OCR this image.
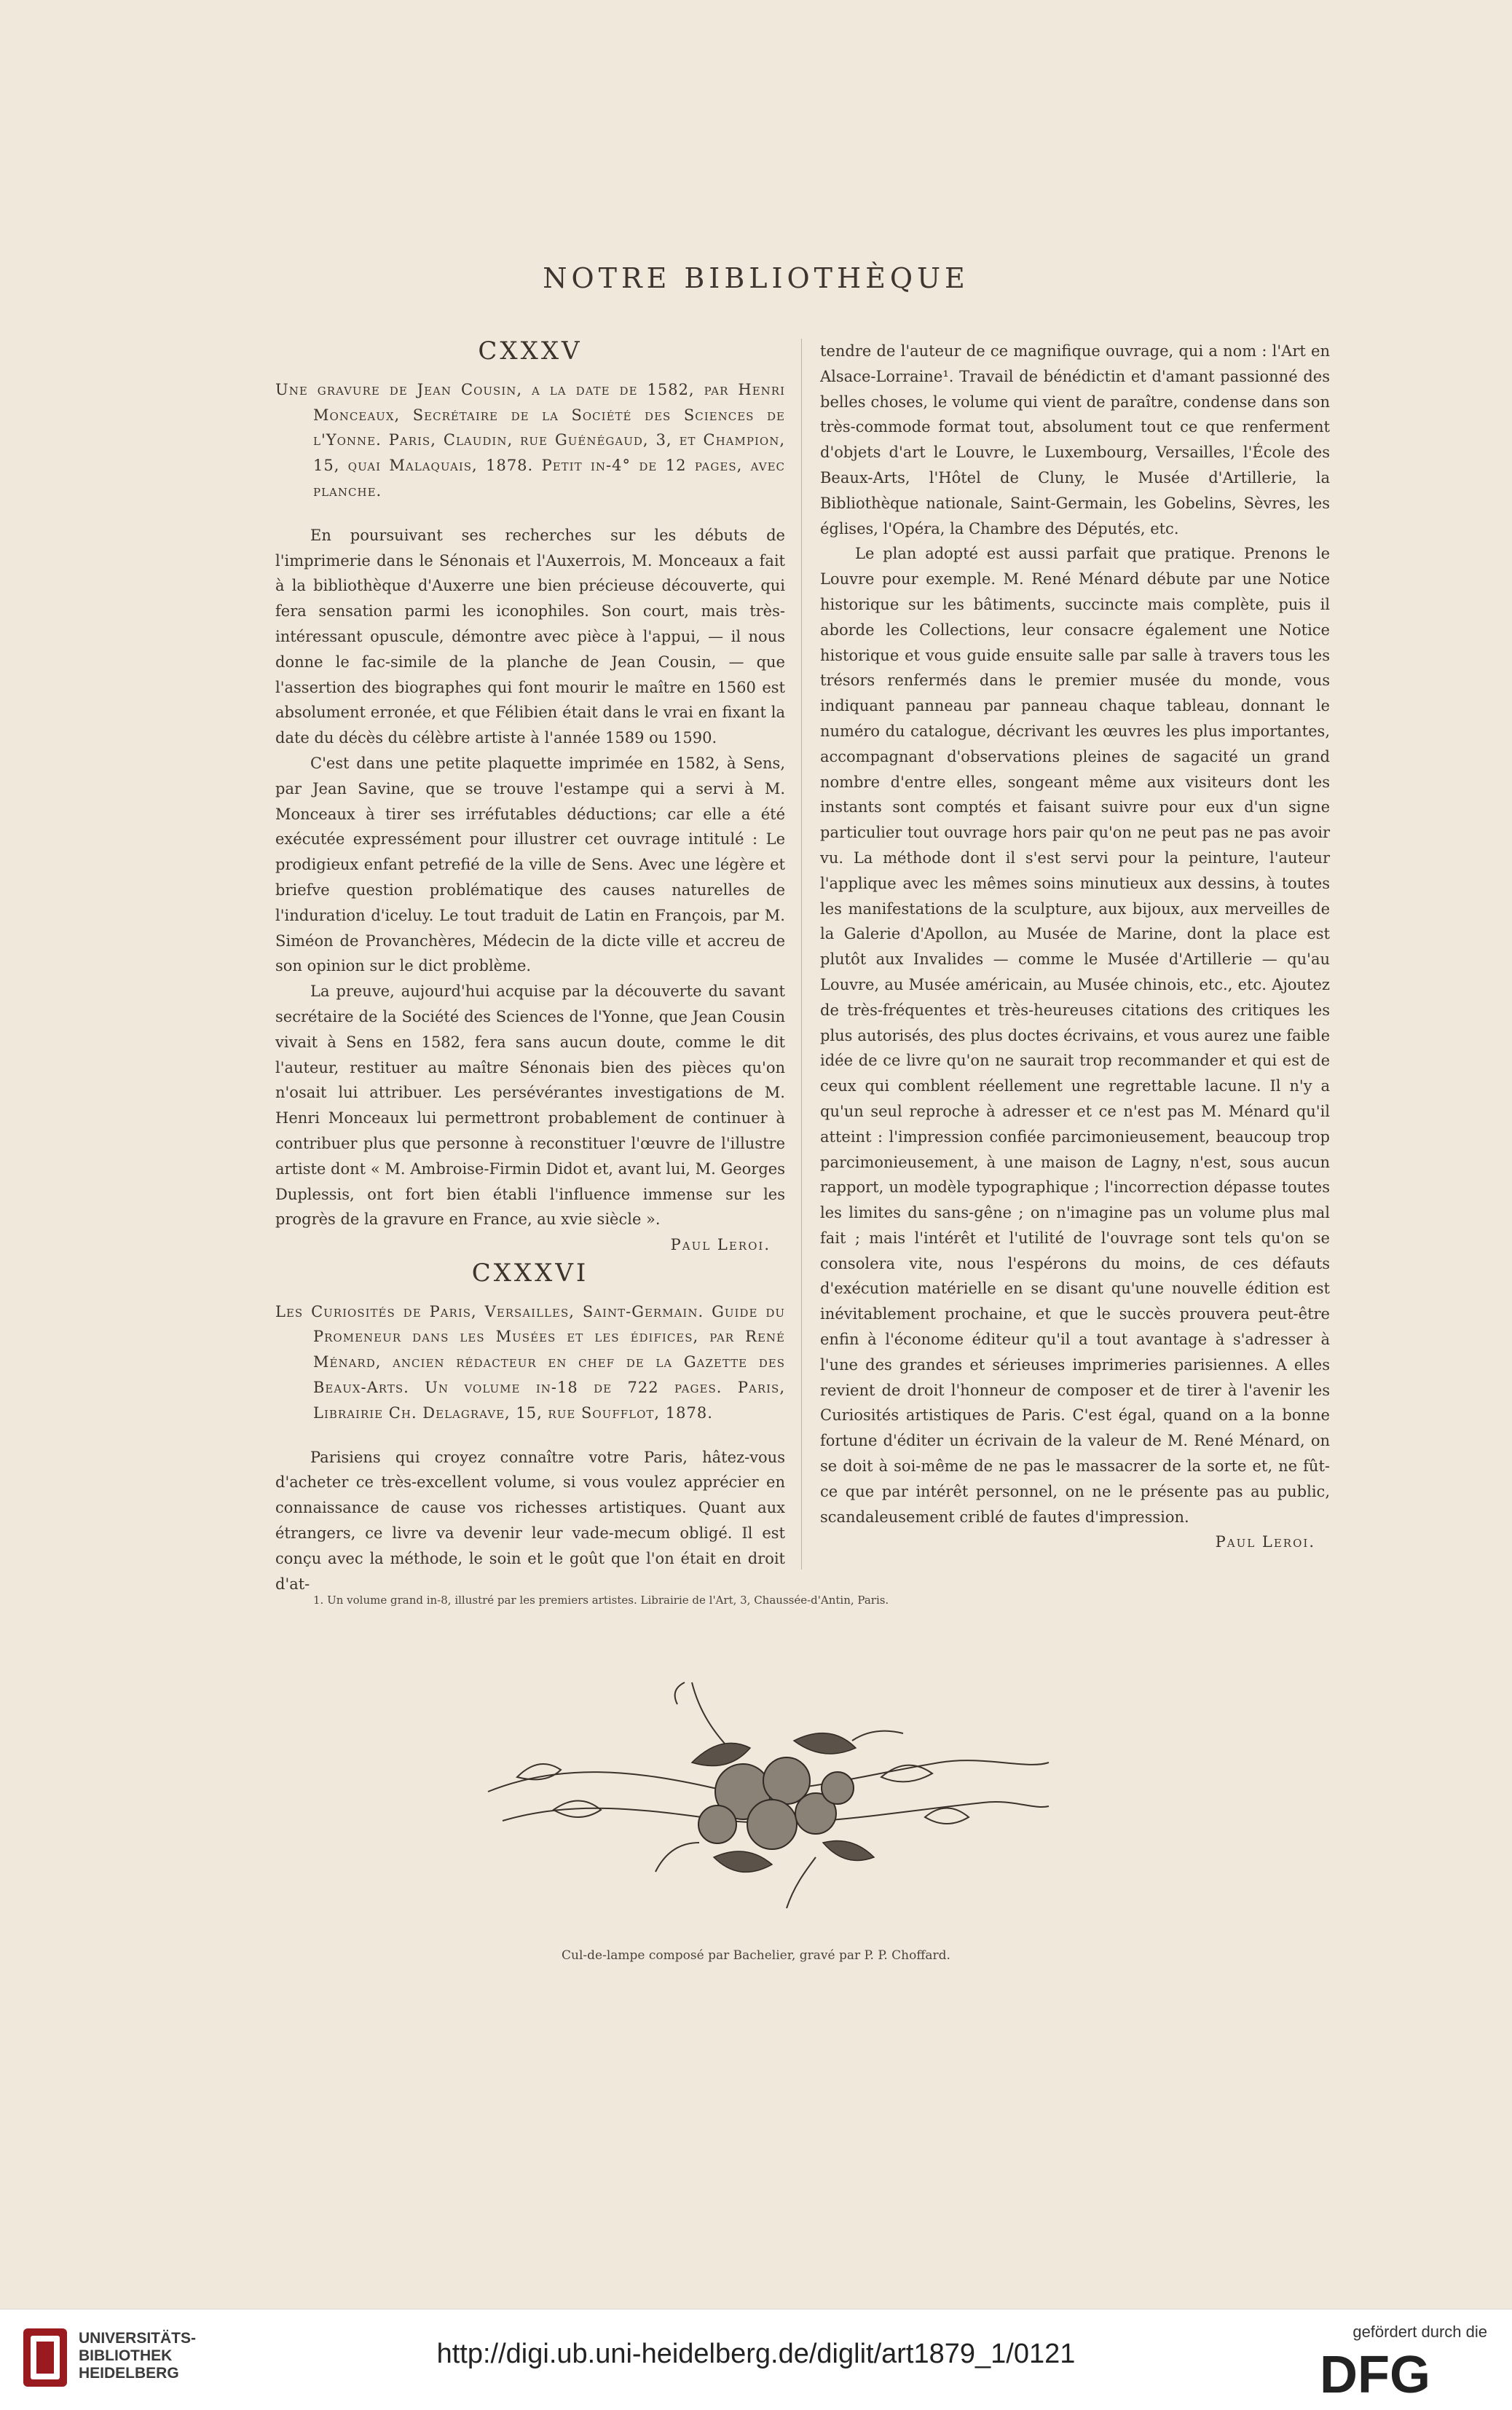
NOTRE BIBLIOTHÈQUE
CXXXV

Une gravure de Jean Cousin, a la date de 1582, par Henri Monceaux, Secrétaire de la Société des Sciences de l'Yonne. Paris, Claudin, rue Guénégaud, 3, et Champion, 15, quai Malaquais, 1878. Petit in-4° de 12 pages, avec planche.

En poursuivant ses recherches sur les débuts de l'imprimerie dans le Sénonais et l'Auxerrois, M. Monceaux a fait à la bibliothèque d'Auxerre une bien précieuse découverte, qui fera sensation parmi les iconophiles. Son court, mais très-intéressant opuscule, démontre avec pièce à l'appui, — il nous donne le fac-simile de la planche de Jean Cousin, — que l'assertion des biographes qui font mourir le maître en 1560 est absolument erronée, et que Félibien était dans le vrai en fixant la date du décès du célèbre artiste à l'année 1589 ou 1590.

C'est dans une petite plaquette imprimée en 1582, à Sens, par Jean Savine, que se trouve l'estampe qui a servi à M. Monceaux à tirer ses irréfutables déductions; car elle a été exécutée expressément pour illustrer cet ouvrage intitulé : Le prodigieux enfant petrefié de la ville de Sens. Avec une légère et briefve question problématique des causes naturelles de l'induration d'iceluy. Le tout traduit de Latin en François, par M. Siméon de Provanchères, Médecin de la dicte ville et accreu de son opinion sur le dict problème.

La preuve, aujourd'hui acquise par la découverte du savant secrétaire de la Société des Sciences de l'Yonne, que Jean Cousin vivait à Sens en 1582, fera sans aucun doute, comme le dit l'auteur, restituer au maître Sénonais bien des pièces qu'on n'osait lui attribuer. Les persévérantes investigations de M. Henri Monceaux lui permettront probablement de continuer à contribuer plus que personne à reconstituer l'œuvre de l'illustre artiste dont « M. Ambroise-Firmin Didot et, avant lui, M. Georges Duplessis, ont fort bien établi l'influence immense sur les progrès de la gravure en France, au xvie siècle ».

Paul Leroi.

CXXXVI

Les Curiosités de Paris, Versailles, Saint-Germain. Guide du Promeneur dans les Musées et les édifices, par René Ménard, ancien rédacteur en chef de la Gazette des Beaux-Arts. Un volume in-18 de 722 pages. Paris, Librairie Ch. Delagrave, 15, rue Soufflot, 1878.

Parisiens qui croyez connaître votre Paris, hâtez-vous d'acheter ce très-excellent volume, si vous voulez apprécier en connaissance de cause vos richesses artistiques. Quant aux étrangers, ce livre va devenir leur vade-mecum obligé. Il est conçu avec la méthode, le soin et le goût que l'on était en droit d'at-

tendre de l'auteur de ce magnifique ouvrage, qui a nom : l'Art en Alsace-Lorraine¹. Travail de bénédictin et d'amant passionné des belles choses, le volume qui vient de paraître, condense dans son très-commode format tout, absolument tout ce que renferment d'objets d'art le Louvre, le Luxembourg, Versailles, l'École des Beaux-Arts, l'Hôtel de Cluny, le Musée d'Artillerie, la Bibliothèque nationale, Saint-Germain, les Gobelins, Sèvres, les églises, l'Opéra, la Chambre des Députés, etc.

Le plan adopté est aussi parfait que pratique. Prenons le Louvre pour exemple. M. René Ménard débute par une Notice historique sur les bâtiments, succincte mais complète, puis il aborde les Collections, leur consacre également une Notice historique et vous guide ensuite salle par salle à travers tous les trésors renfermés dans le premier musée du monde, vous indiquant panneau par panneau chaque tableau, donnant le numéro du catalogue, décrivant les œuvres les plus importantes, accompagnant d'observations pleines de sagacité un grand nombre d'entre elles, songeant même aux visiteurs dont les instants sont comptés et faisant suivre pour eux d'un signe particulier tout ouvrage hors pair qu'on ne peut pas ne pas avoir vu. La méthode dont il s'est servi pour la peinture, l'auteur l'applique avec les mêmes soins minutieux aux dessins, à toutes les manifestations de la sculpture, aux bijoux, aux merveilles de la Galerie d'Apollon, au Musée de Marine, dont la place est plutôt aux Invalides — comme le Musée d'Artillerie — qu'au Louvre, au Musée américain, au Musée chinois, etc., etc. Ajoutez de très-fréquentes et très-heureuses citations des critiques les plus autorisés, des plus doctes écrivains, et vous aurez une faible idée de ce livre qu'on ne saurait trop recommander et qui est de ceux qui comblent réellement une regrettable lacune. Il n'y a qu'un seul reproche à adresser et ce n'est pas M. Ménard qu'il atteint : l'impression confiée parcimonieusement, beaucoup trop parcimonieusement, à une maison de Lagny, n'est, sous aucun rapport, un modèle typographique ; l'incorrection dépasse toutes les limites du sans-gêne ; on n'imagine pas un volume plus mal fait ; mais l'intérêt et l'utilité de l'ouvrage sont tels qu'on se consolera vite, nous l'espérons du moins, de ces défauts d'exécution matérielle en se disant qu'une nouvelle édition est inévitablement prochaine, et que le succès prouvera peut-être enfin à l'économe éditeur qu'il a tout avantage à s'adresser à l'une des grandes et sérieuses imprimeries parisiennes. A elles revient de droit l'honneur de composer et de tirer à l'avenir les Curiosités artistiques de Paris. C'est égal, quand on a la bonne fortune d'éditer un écrivain de la valeur de M. René Ménard, on se doit à soi-même de ne pas le massacrer de la sorte et, ne fût-ce que par intérêt personnel, on ne le présente pas au public, scandaleusement criblé de fautes d'impression.

Paul Leroi.

1. Un volume grand in-8, illustré par les premiers artistes. Librairie de l'Art, 3, Chaussée-d'Antin, Paris.
Cul-de-lampe composé par Bachelier, gravé par P. P. Choffard.
UNIVERSITÄTS-
BIBLIOTHEK
HEIDELBERG
http://digi.ub.uni-heidelberg.de/diglit/art1879_1/0121
gefördert durch die
DFG
